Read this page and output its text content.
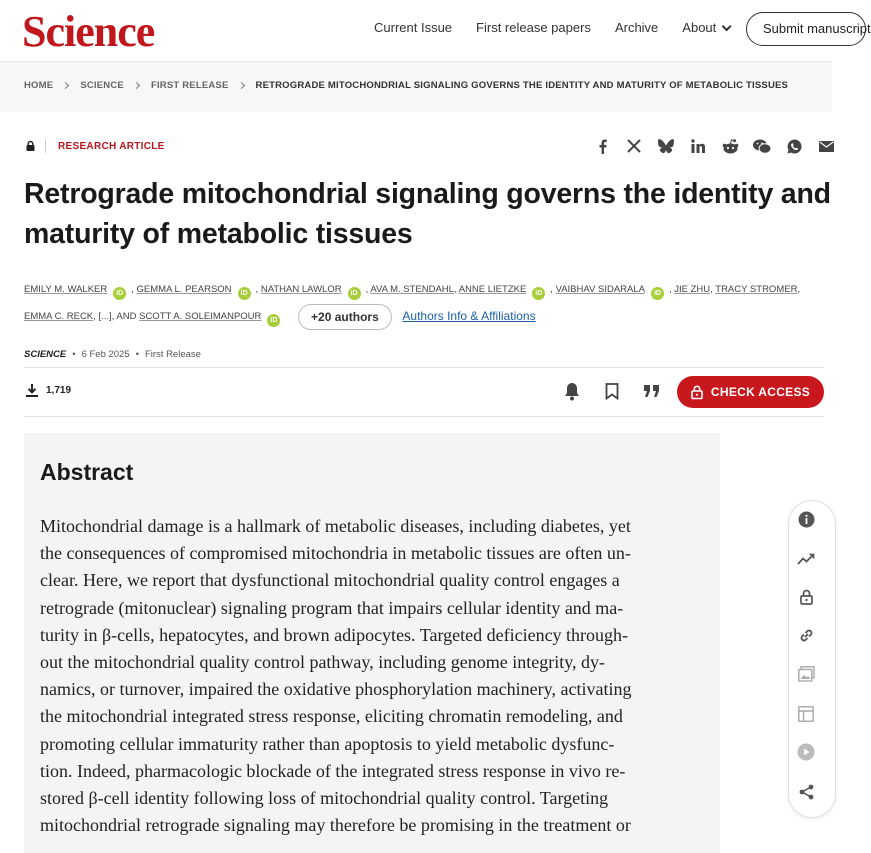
Science	Current Issue First release papers Archive About	Submit manuscript
HOME	SCIENCE	FIRST RELEASE	RETROGRADE MITOCHONDRIAL SIGNALING GOVERNS THE IDENTITY AND MATURITY OF METABOLIC TISSUES
RESEARCH ARTICLE
Retrograde mitochondrial signaling governs the identity and maturity of metabolic tissues
EMILY M. WALKER iD , GEMMA L. PEARSON iD , NATHAN LAWLOR iD , AVA M. STENDAHL, ANNE LIETZKE iD , VAIBHAV SIDARALA iD , JIE ZHU, TRACY STROMER,
EMMA C. RECK, [...], AND SCOTT A. SOLEIMANPOUR iD	+20 authors Authors Info & Affiliations
SCIENCE • 6 Feb 2025 • First Release
1,719	CHECK ACCESS
Abstract

Mitochondrial damage is a hallmark of metabolic diseases, including diabetes, yet
the consequences of compromised mitochondria in metabolic tissues are often un-
clear. Here, we report that dysfunctional mitochondrial quality control engages a
retrograde (mitonuclear) signaling program that impairs cellular identity and ma-
turity in β-cells, hepatocytes, and brown adipocytes. Targeted deficiency through-
out the mitochondrial quality control pathway, including genome integrity, dy-
namics, or turnover, impaired the oxidative phosphorylation machinery, activating
the mitochondrial integrated stress response, eliciting chromatin remodeling, and
promoting cellular immaturity rather than apoptosis to yield metabolic dysfunc-
tion. Indeed, pharmacologic blockade of the integrated stress response in vivo re-
stored β-cell identity following loss of mitochondrial quality control. Targeting
mitochondrial retrograde signaling may therefore be promising in the treatment or
